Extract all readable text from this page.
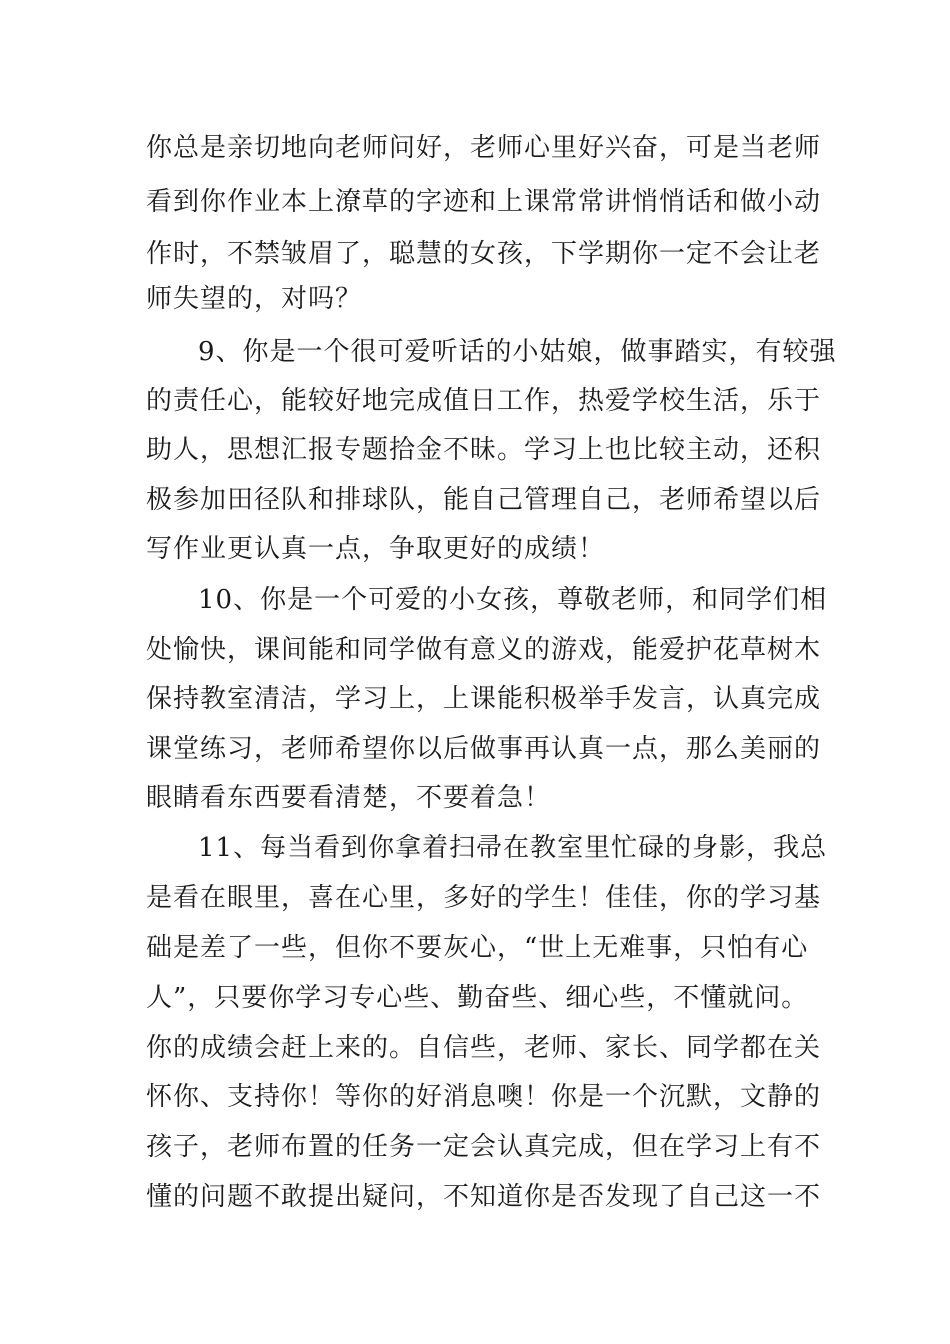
你总是亲切地向老师问好，老师心里好兴奋，可是当老师
看到你作业本上潦草的字迹和上课常常讲悄悄话和做小动
作时，不禁皱眉了，聪慧的女孩，下学期你一定不会让老
师失望的，对吗？
9、你是一个很可爱听话的小姑娘，做事踏实，有较强
的责任心，能较好地完成值日工作，热爱学校生活，乐于
助人，思想汇报专题拾金不昧。学习上也比较主动，还积
极参加田径队和排球队，能自己管理自己，老师希望以后
写作业更认真一点，争取更好的成绩！
10、你是一个可爱的小女孩，尊敬老师，和同学们相
处愉快，课间能和同学做有意义的游戏，能爱护花草树木
保持教室清洁，学习上，上课能积极举手发言，认真完成
课堂练习，老师希望你以后做事再认真一点，那么美丽的
眼睛看东西要看清楚，不要着急！
11、每当看到你拿着扫帚在教室里忙碌的身影，我总
是看在眼里，喜在心里，多好的学生！佳佳，你的学习基
础是差了一些，但你不要灰心，“世上无难事，只怕有心
人”，只要你学习专心些、勤奋些、细心些，不懂就问。
你的成绩会赶上来的。自信些，老师、家长、同学都在关
怀你、支持你！等你的好消息噢！你是一个沉默，文静的
孩子，老师布置的任务一定会认真完成，但在学习上有不
懂的问题不敢提出疑问，不知道你是否发现了自己这一不
